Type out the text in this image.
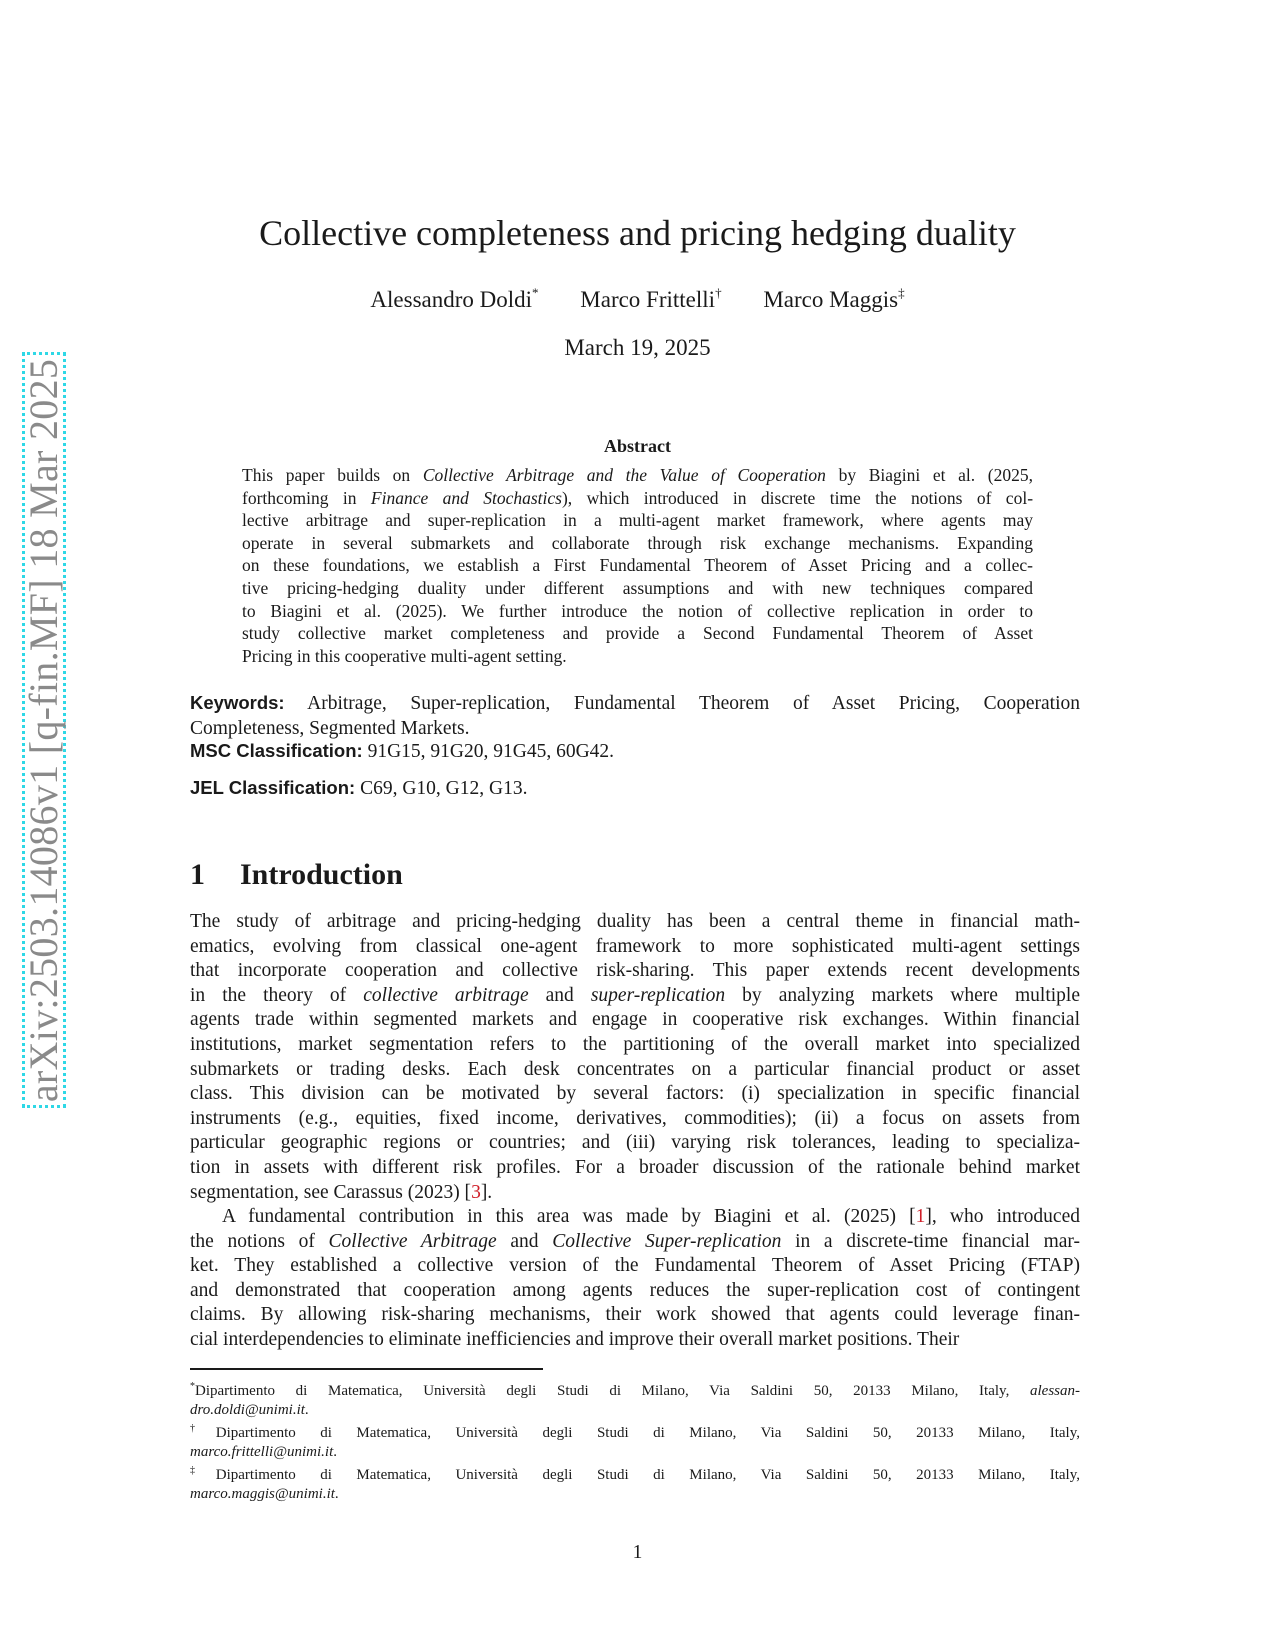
arXiv:2503.14086v1 [q-fin.MF] 18 Mar 2025
Collective completeness and pricing hedging duality
Alessandro Doldi* Marco Frittelli† Marco Maggis‡
March 19, 2025
Abstract
This paper builds on Collective Arbitrage and the Value of Cooperation by Biagini et al. (2025,
forthcoming in Finance and Stochastics), which introduced in discrete time the notions of col-
lective arbitrage and super-replication in a multi-agent market framework, where agents may
operate in several submarkets and collaborate through risk exchange mechanisms. Expanding
on these foundations, we establish a First Fundamental Theorem of Asset Pricing and a collec-
tive pricing-hedging duality under different assumptions and with new techniques compared
to Biagini et al. (2025). We further introduce the notion of collective replication in order to
study collective market completeness and provide a Second Fundamental Theorem of Asset
Pricing in this cooperative multi-agent setting.
Keywords: Arbitrage, Super-replication, Fundamental Theorem of Asset Pricing, Cooperation
Completeness, Segmented Markets.
MSC Classification: 91G15, 91G20, 91G45, 60G42.
JEL Classification: C69, G10, G12, G13.
1 Introduction
The study of arbitrage and pricing-hedging duality has been a central theme in financial math-
ematics, evolving from classical one-agent framework to more sophisticated multi-agent settings
that incorporate cooperation and collective risk-sharing. This paper extends recent developments
in the theory of collective arbitrage and super-replication by analyzing markets where multiple
agents trade within segmented markets and engage in cooperative risk exchanges. Within financial
institutions, market segmentation refers to the partitioning of the overall market into specialized
submarkets or trading desks. Each desk concentrates on a particular financial product or asset
class. This division can be motivated by several factors: (i) specialization in specific financial
instruments (e.g., equities, fixed income, derivatives, commodities); (ii) a focus on assets from
particular geographic regions or countries; and (iii) varying risk tolerances, leading to specializa-
tion in assets with different risk profiles. For a broader discussion of the rationale behind market
segmentation, see Carassus (2023) [3].
A fundamental contribution in this area was made by Biagini et al. (2025) [1], who introduced
the notions of Collective Arbitrage and Collective Super-replication in a discrete-time financial mar-
ket. They established a collective version of the Fundamental Theorem of Asset Pricing (FTAP)
and demonstrated that cooperation among agents reduces the super-replication cost of contingent
claims. By allowing risk-sharing mechanisms, their work showed that agents could leverage finan-
cial interdependencies to eliminate inefficiencies and improve their overall market positions. Their
*Dipartimento di Matematica, Università degli Studi di Milano, Via Saldini 50, 20133 Milano, Italy, alessan-
dro.doldi@unimi.it.
†Dipartimento di Matematica, Università degli Studi di Milano, Via Saldini 50, 20133 Milano, Italy,
marco.frittelli@unimi.it.
‡Dipartimento di Matematica, Università degli Studi di Milano, Via Saldini 50, 20133 Milano, Italy,
marco.maggis@unimi.it.
1
